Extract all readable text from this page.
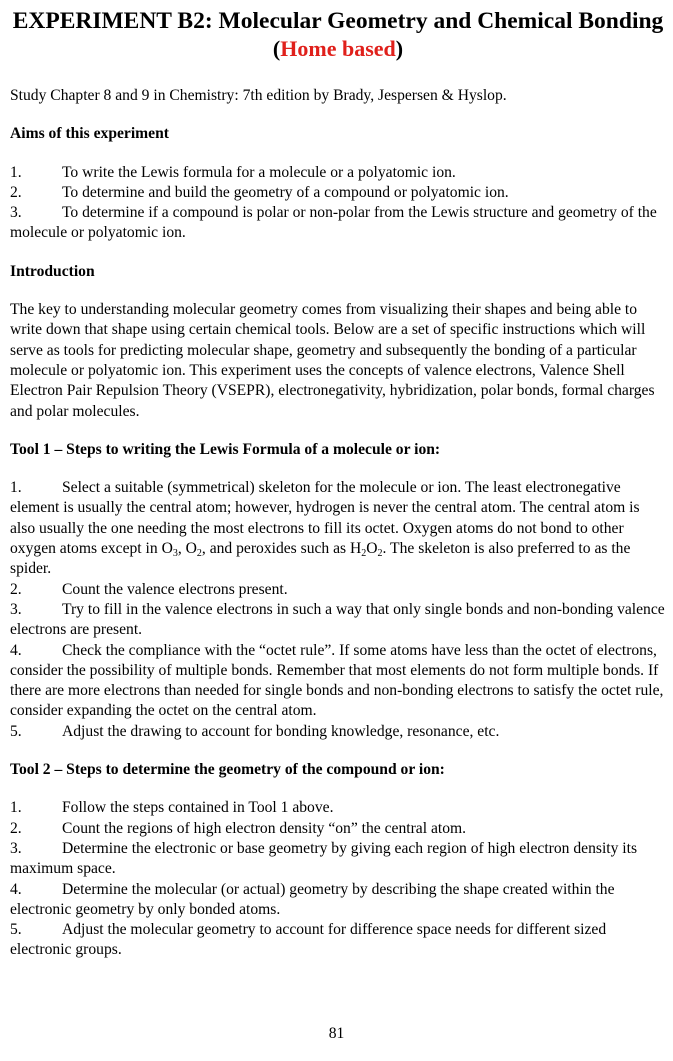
EXPERIMENT B2: Molecular Geometry and Chemical Bonding
(Home based)

Study Chapter 8 and 9 in Chemistry: 7th edition by Brady, Jespersen & Hyslop.

Aims of this experiment

1.	To write the Lewis formula for a molecule or a polyatomic ion.

2.	To determine and build the geometry of a compound or polyatomic ion.

3.	To determine if a compound is polar or non-polar from the Lewis structure and geometry of the molecule or polyatomic ion.

Introduction

The key to understanding molecular geometry comes from visualizing their shapes and being able to write down that shape using certain chemical tools. Below are a set of specific instructions which will serve as tools for predicting molecular shape, geometry and subsequently the bonding of a particular molecule or polyatomic ion. This experiment uses the concepts of valence electrons, Valence Shell Electron Pair Repulsion Theory (VSEPR), electronegativity, hybridization, polar bonds, formal charges and polar molecules.

Tool 1 – Steps to writing the Lewis Formula of a molecule or ion:

1.	Select a suitable (symmetrical) skeleton for the molecule or ion. The least electronegative element is usually the central atom; however, hydrogen is never the central atom. The central atom is also usually the one needing the most electrons to fill its octet. Oxygen atoms do not bond to other oxygen atoms except in $O_3$, $O_2$, and peroxides such as $H_2O_2$. The skeleton is also preferred to as the spider.

2.	Count the valence electrons present.

3.	Try to fill in the valence electrons in such a way that only single bonds and non-bonding valence electrons are present.

4.	Check the compliance with the “octet rule”. If some atoms have less than the octet of electrons, consider the possibility of multiple bonds. Remember that most elements do not form multiple bonds. If there are more electrons than needed for single bonds and non-bonding electrons to satisfy the octet rule, consider expanding the octet on the central atom.

5.	Adjust the drawing to account for bonding knowledge, resonance, etc.

Tool 2 – Steps to determine the geometry of the compound or ion:

1.	Follow the steps contained in Tool 1 above.

2.	Count the regions of high electron density “on” the central atom.

3.	Determine the electronic or base geometry by giving each region of high electron density its maximum space.

4.	Determine the molecular (or actual) geometry by describing the shape created within the electronic geometry by only bonded atoms.

5.	Adjust the molecular geometry to account for difference space needs for different sized electronic groups.

81
